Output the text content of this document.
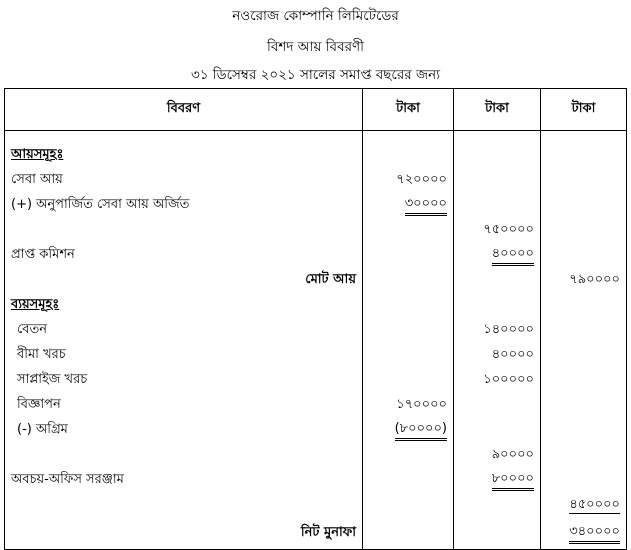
নওরোজ কোম্পানি লিমিটেডের
বিশদ আয় বিবরণী
৩১ ডিসেম্বর ২০২১ সালের সমাপ্ত বছরের জন্য
বিবরণ	টাকা	টাকা	টাকা

আয়সমূহঃ			
সেবা আয়	৭২০০০০		
(+) অনুপার্জিত সেবা আয় অর্জিত	৩০০০০		
		৭৫০০০০	
প্রাপ্ত কমিশন		৪০০০০	
মোট আয়			৭৯০০০০
ব্যয়সমূহঃ			
বেতন		১৪০০০০	
বীমা খরচ		৪০০০০	
সাপ্লাইজ খরচ		১০০০০০	
বিজ্ঞাপন	১৭০০০০		
(-) অগ্রিম	(৮০০০০)		
		৯০০০০	
অবচয়-অফিস সরঞ্জাম		৮০০০০	
			৪৫০০০০
নিট মুনাফা			৩৪০০০০
